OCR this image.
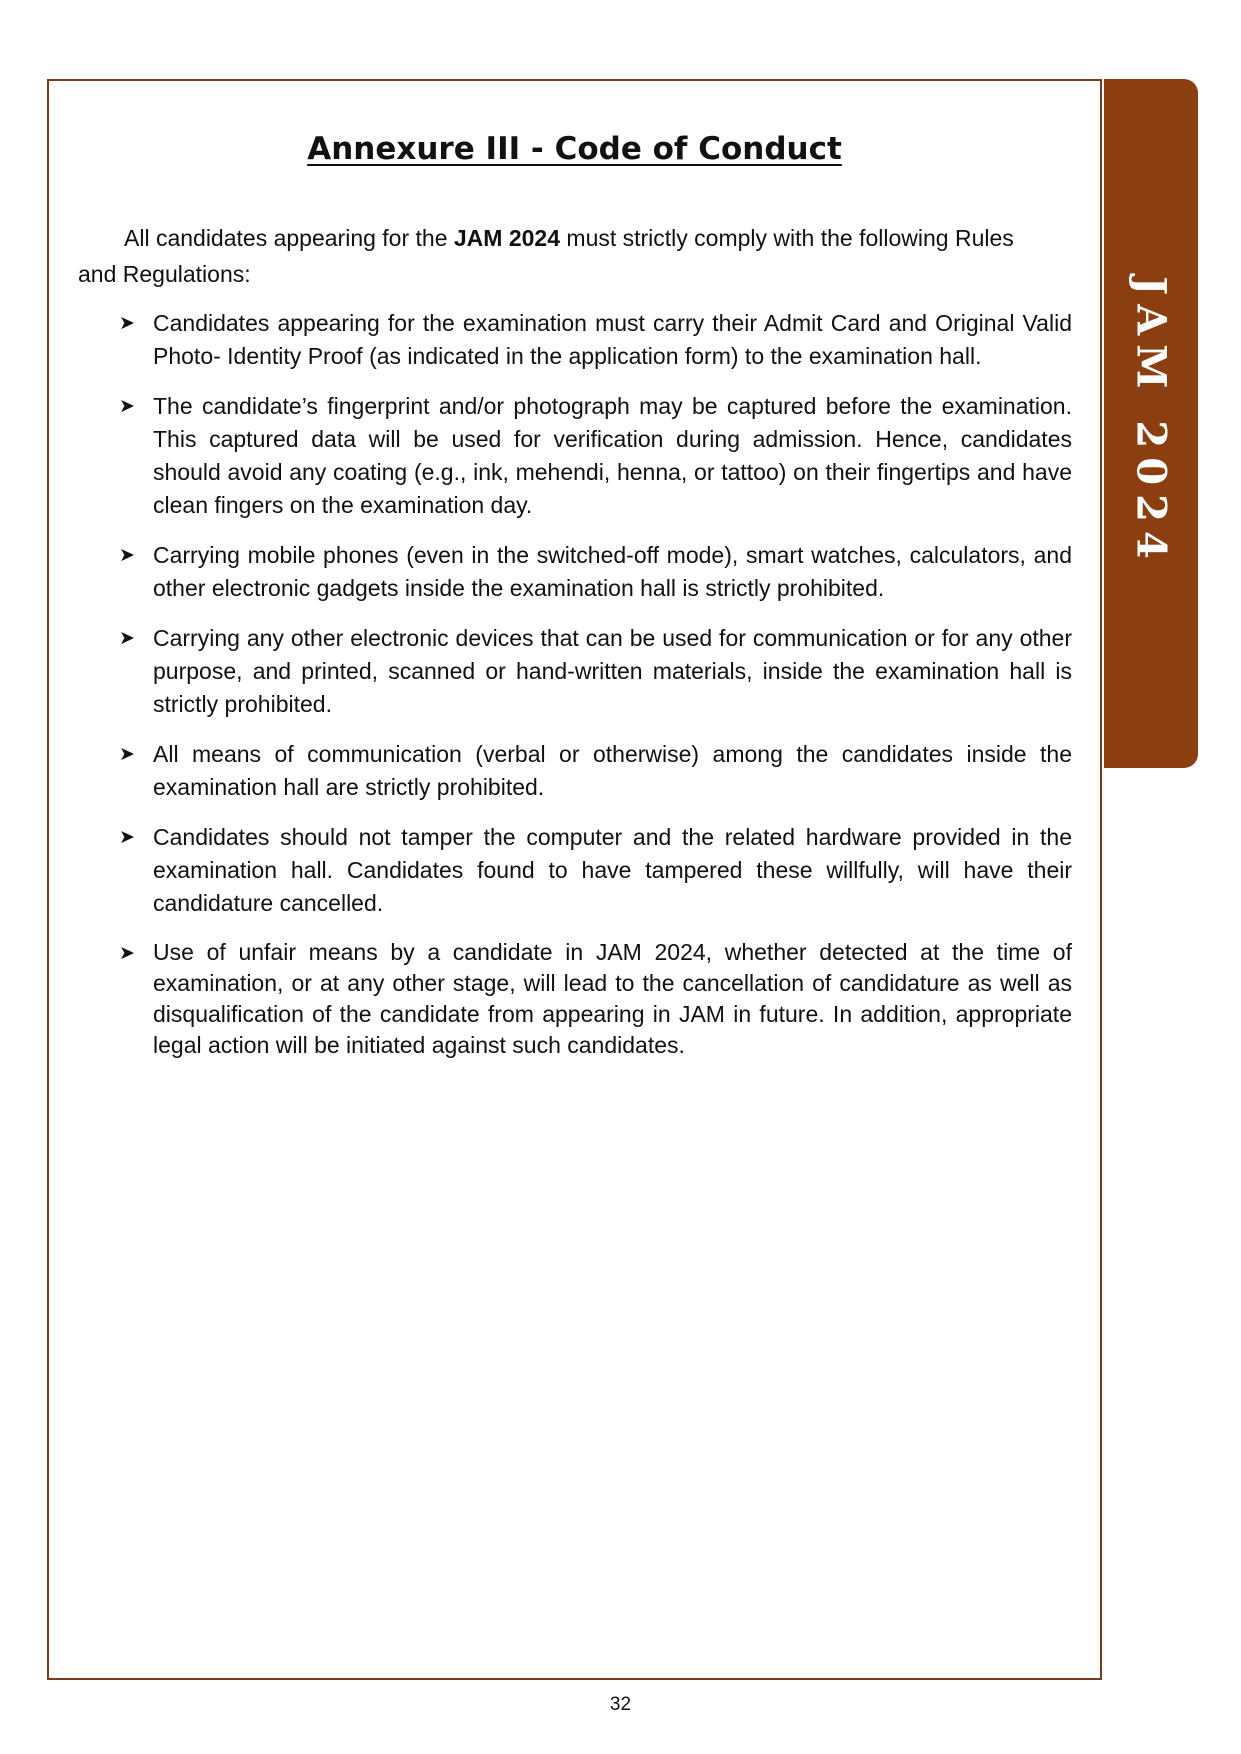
JAM 2024
Annexure III - Code of Conduct

All candidates appearing for the JAM 2024 must strictly comply with the following Rules and Regulations:

➤ Candidates appearing for the examination must carry their Admit Card and Original Valid Photo- Identity Proof (as indicated in the application form) to the examination hall.
➤ The candidate’s fingerprint and/or photograph may be captured before the examination. This captured data will be used for verification during admission. Hence, candidates should avoid any coating (e.g., ink, mehendi, henna, or tattoo) on their fingertips and have clean fingers on the examination day.
➤ Carrying mobile phones (even in the switched-off mode), smart watches, calculators, and other electronic gadgets inside the examination hall is strictly prohibited.
➤ Carrying any other electronic devices that can be used for communication or for any other purpose, and printed, scanned or hand-written materials, inside the examination hall is strictly prohibited.
➤ All means of communication (verbal or otherwise) among the candidates inside the examination hall are strictly prohibited.
➤ Candidates should not tamper the computer and the related hardware provided in the examination hall. Candidates found to have tampered these willfully, will have their candidature cancelled.
➤ Use of unfair means by a candidate in JAM 2024, whether detected at the time of examination, or at any other stage, will lead to the cancellation of candidature as well as disqualification of the candidate from appearing in JAM in future. In addition, appropriate legal action will be initiated against such candidates.

32
